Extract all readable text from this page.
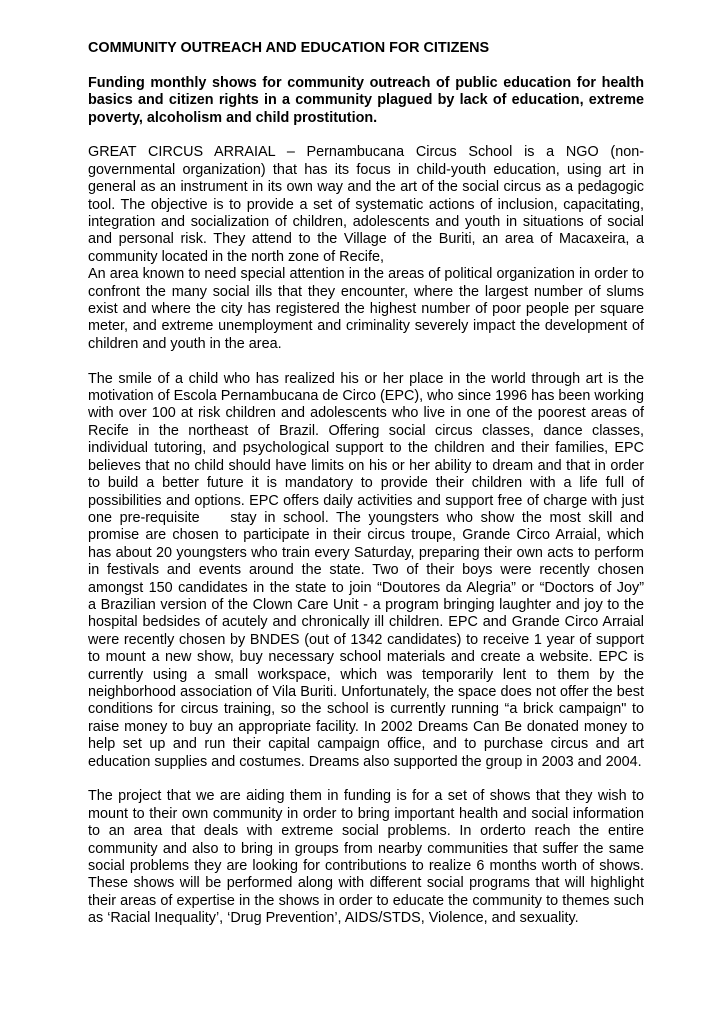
COMMUNITY OUTREACH AND EDUCATION FOR CITIZENS

Funding monthly shows for community outreach of public education for health basics and citizen rights in a community plagued by lack of education, extreme poverty, alcoholism and child prostitution.

GREAT CIRCUS ARRAIAL – Pernambucana Circus School is a NGO (non-governmental organization) that has its focus in child-youth education, using art in general as an instrument in its own way and the art of the social circus as a pedagogic tool. The objective is to provide a set of systematic actions of inclusion, capacitating, integration and socialization of children, adolescents and youth in situations of social and personal risk. They attend to the Village of the Buriti, an area of Macaxeira, a community located in the north zone of Recife,

An area known to need special attention in the areas of political organization in order to confront the many social ills that they encounter, where the largest number of slums exist and where the city has registered the highest number of poor people per square meter, and extreme unemployment and criminality severely impact the development of children and youth in the area.

The smile of a child who has realized his or her place in the world through art is the motivation of Escola Pernambucana de Circo (EPC), who since 1996 has been working with over 100 at risk children and adolescents who live in one of the poorest areas of Recife in the northeast of Brazil. Offering social circus classes, dance classes, individual tutoring, and psychological support to the children and their families, EPC believes that no child should have limits on his or her ability to dream and that in order to build a better future it is mandatory to provide their children with a life full of possibilities and options. EPC offers daily activities and support free of charge with just one pre-requisite    stay in school. The youngsters who show the most skill and promise are chosen to participate in their circus troupe, Grande Circo Arraial, which has about 20 youngsters who train every Saturday, preparing their own acts to perform in festivals and events around the state. Two of their boys were recently chosen amongst 150 candidates in the state to join “Doutores da Alegria” or “Doctors of Joy”    a Brazilian version of the Clown Care Unit - a program bringing laughter and joy to the hospital bedsides of acutely and chronically ill children. EPC and Grande Circo Arraial were recently chosen by BNDES (out of 1342 candidates) to receive 1 year of support to mount a new show, buy necessary school materials and create a website. EPC is currently using a small workspace, which was temporarily lent to them by the neighborhood association of Vila Buriti. Unfortunately, the space does not offer the best conditions for circus training, so the school is currently running “a brick campaign" to raise money to buy an appropriate facility. In 2002 Dreams Can Be donated money to help set up and run their capital campaign office, and to purchase circus and art education supplies and costumes. Dreams also supported the group in 2003 and 2004.

The project that we are aiding them in funding is for a set of shows that they wish to mount to their own community in order to bring important health and social information to an area that deals with extreme social problems. In orderto reach the entire community and also to bring in groups from nearby communities that suffer the same social problems they are looking for contributions to realize 6 months worth of shows. These shows will be performed along with different social programs that will highlight their areas of expertise in the shows in order to educate the community to themes such as ‘Racial Inequality’, ‘Drug Prevention’, AIDS/STDS, Violence, and sexuality.
